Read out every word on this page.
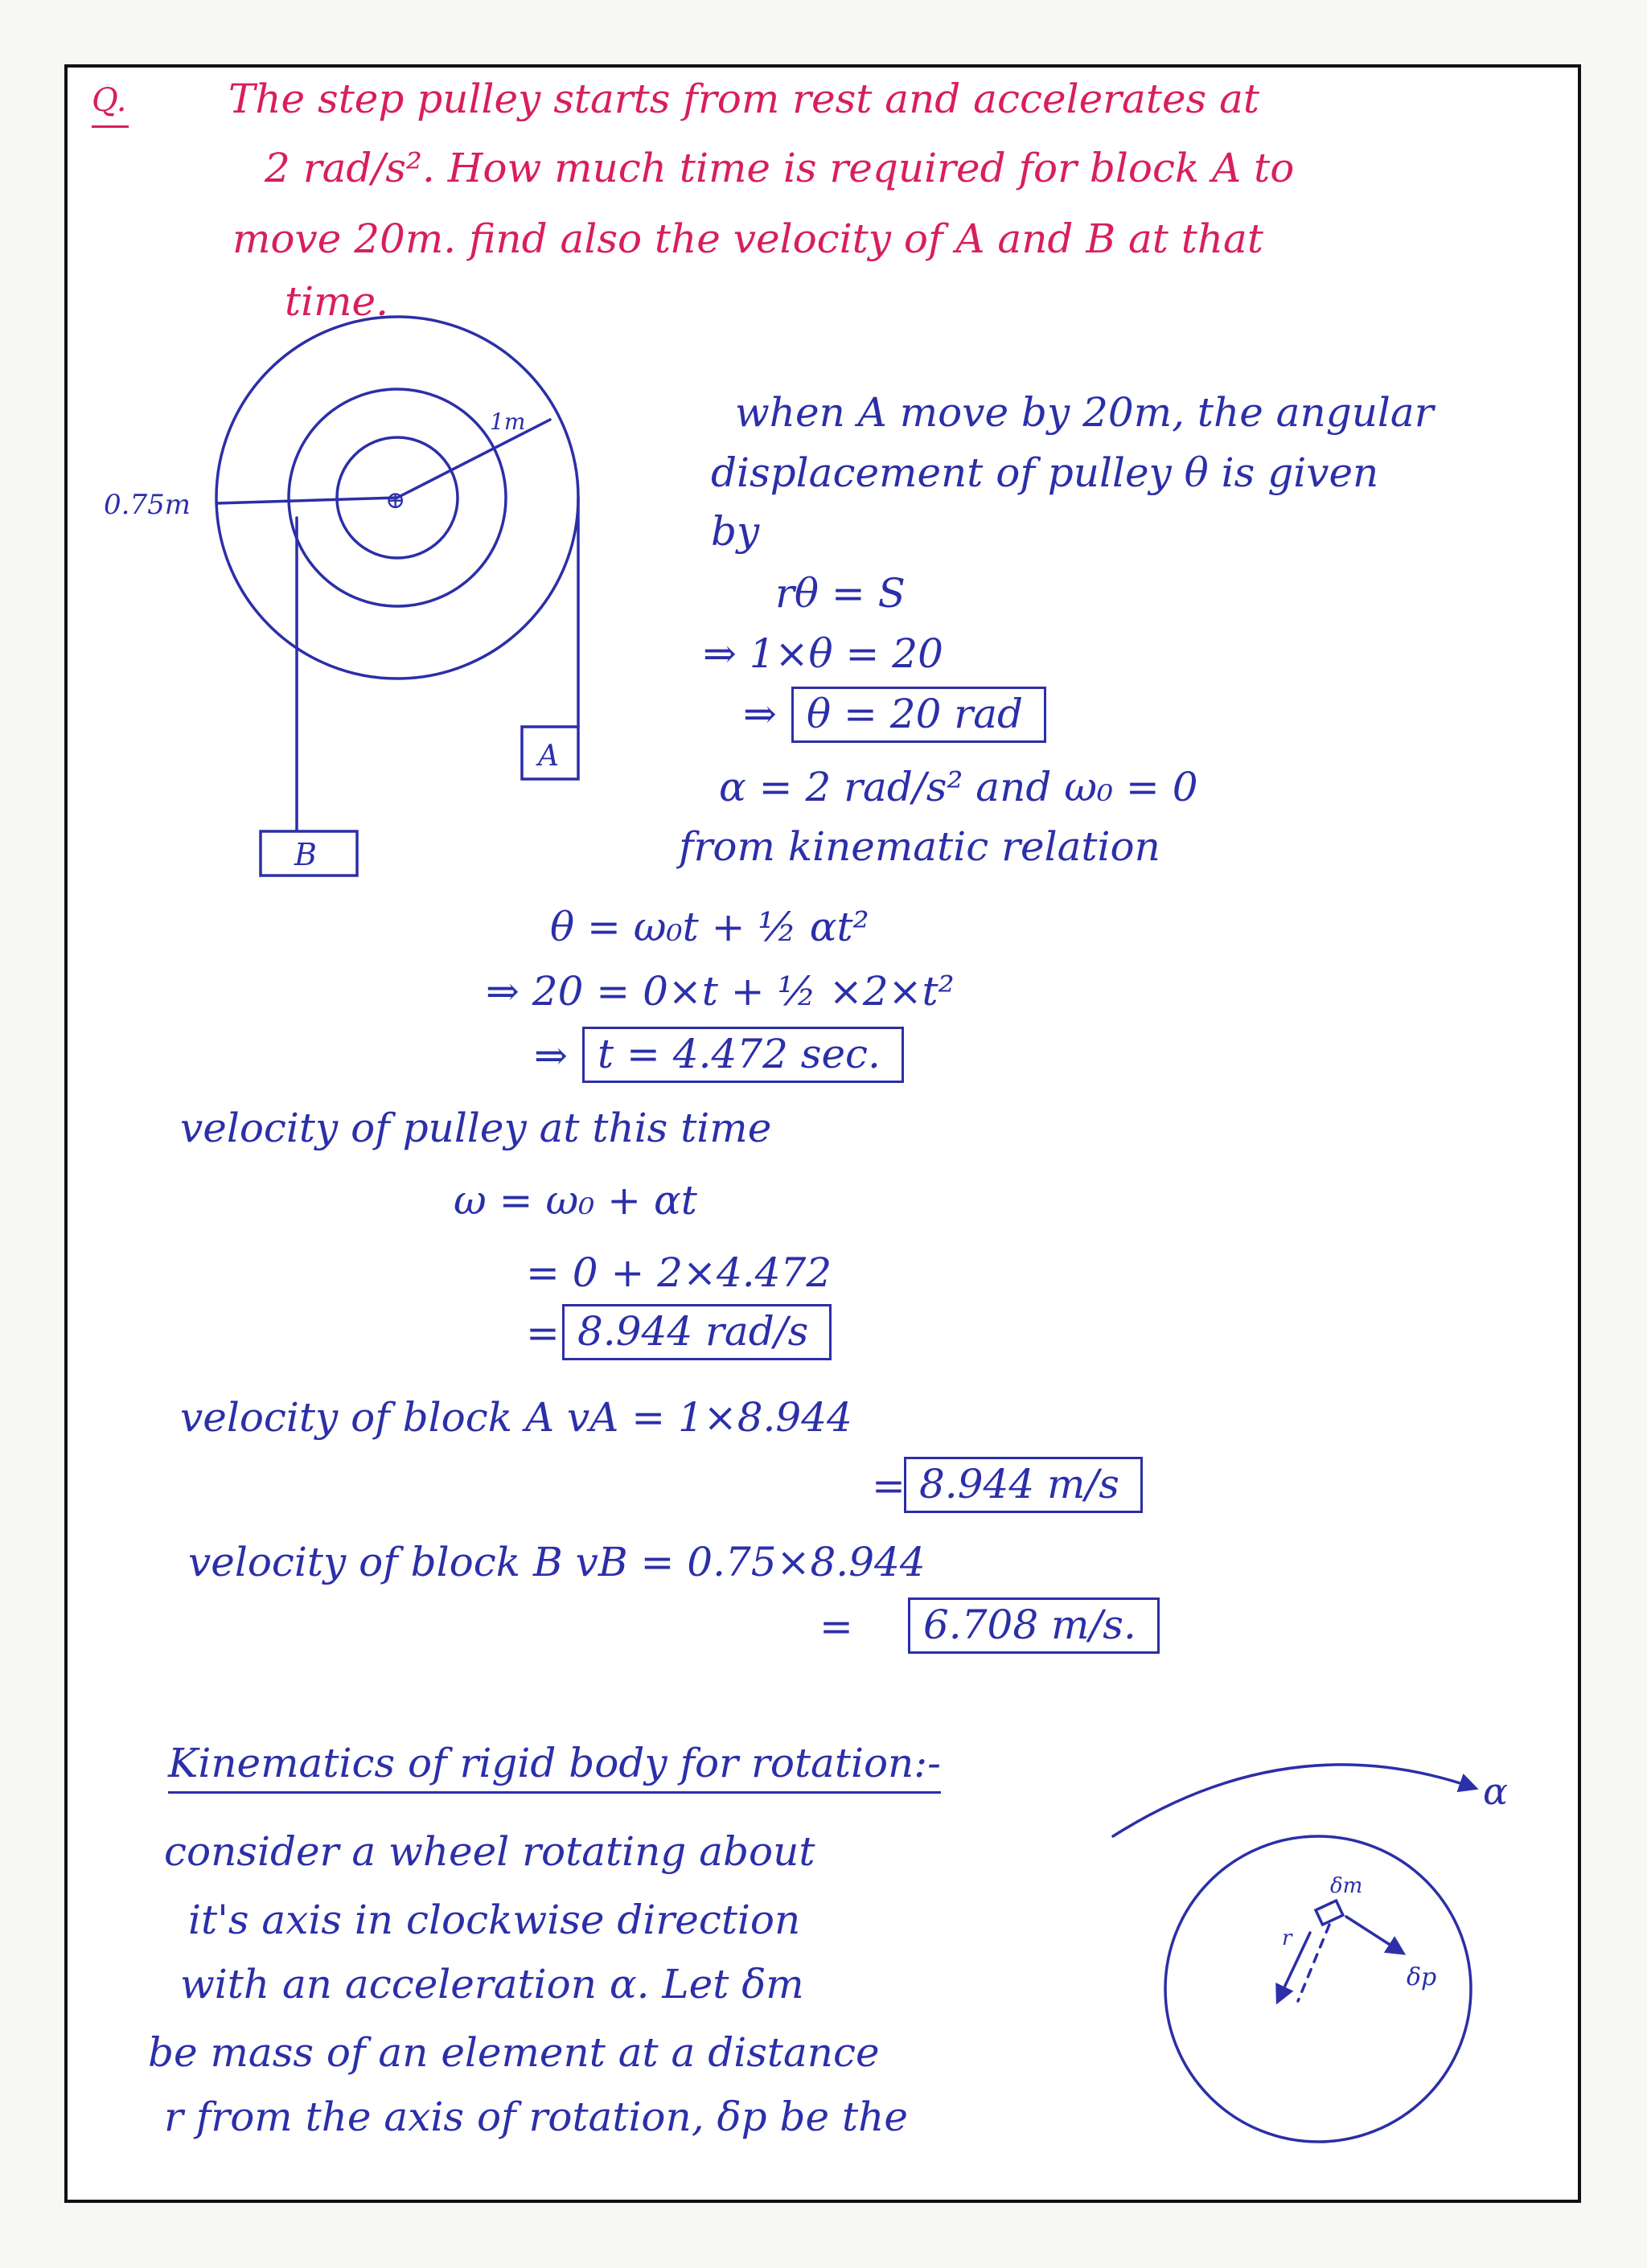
Q.	The step pulley starts from rest and accelerates at
2 rad/s². How much time is required for block A to
move 20m. find also the velocity of A and B at that
time.
0.75m
1m
A
B
⊕
when A move by 20m, the angular
displacement of pulley θ is given
by
rθ = S
⇒ 1×θ = 20
⇒ θ = 20 rad
α = 2 rad/s² and ω₀ = 0
from kinematic relation
θ = ω₀t + ½ αt²
⇒ 20 = 0×t + ½ ×2×t²
⇒ t = 4.472 sec.
velocity of pulley at this time
ω = ω₀ + αt
= 0 + 2×4.472
= 8.944 rad/s
velocity of block A vA = 1×8.944
= 8.944 m/s
velocity of block B vB = 0.75×8.944
=	6.708 m/s.
Kinematics of rigid body for rotation:-
consider a wheel rotating about
it's axis in clockwise direction
with an acceleration α. Let δm
be mass of an element at a distance
r from the axis of rotation, δp be the
α
δm
r
δp
